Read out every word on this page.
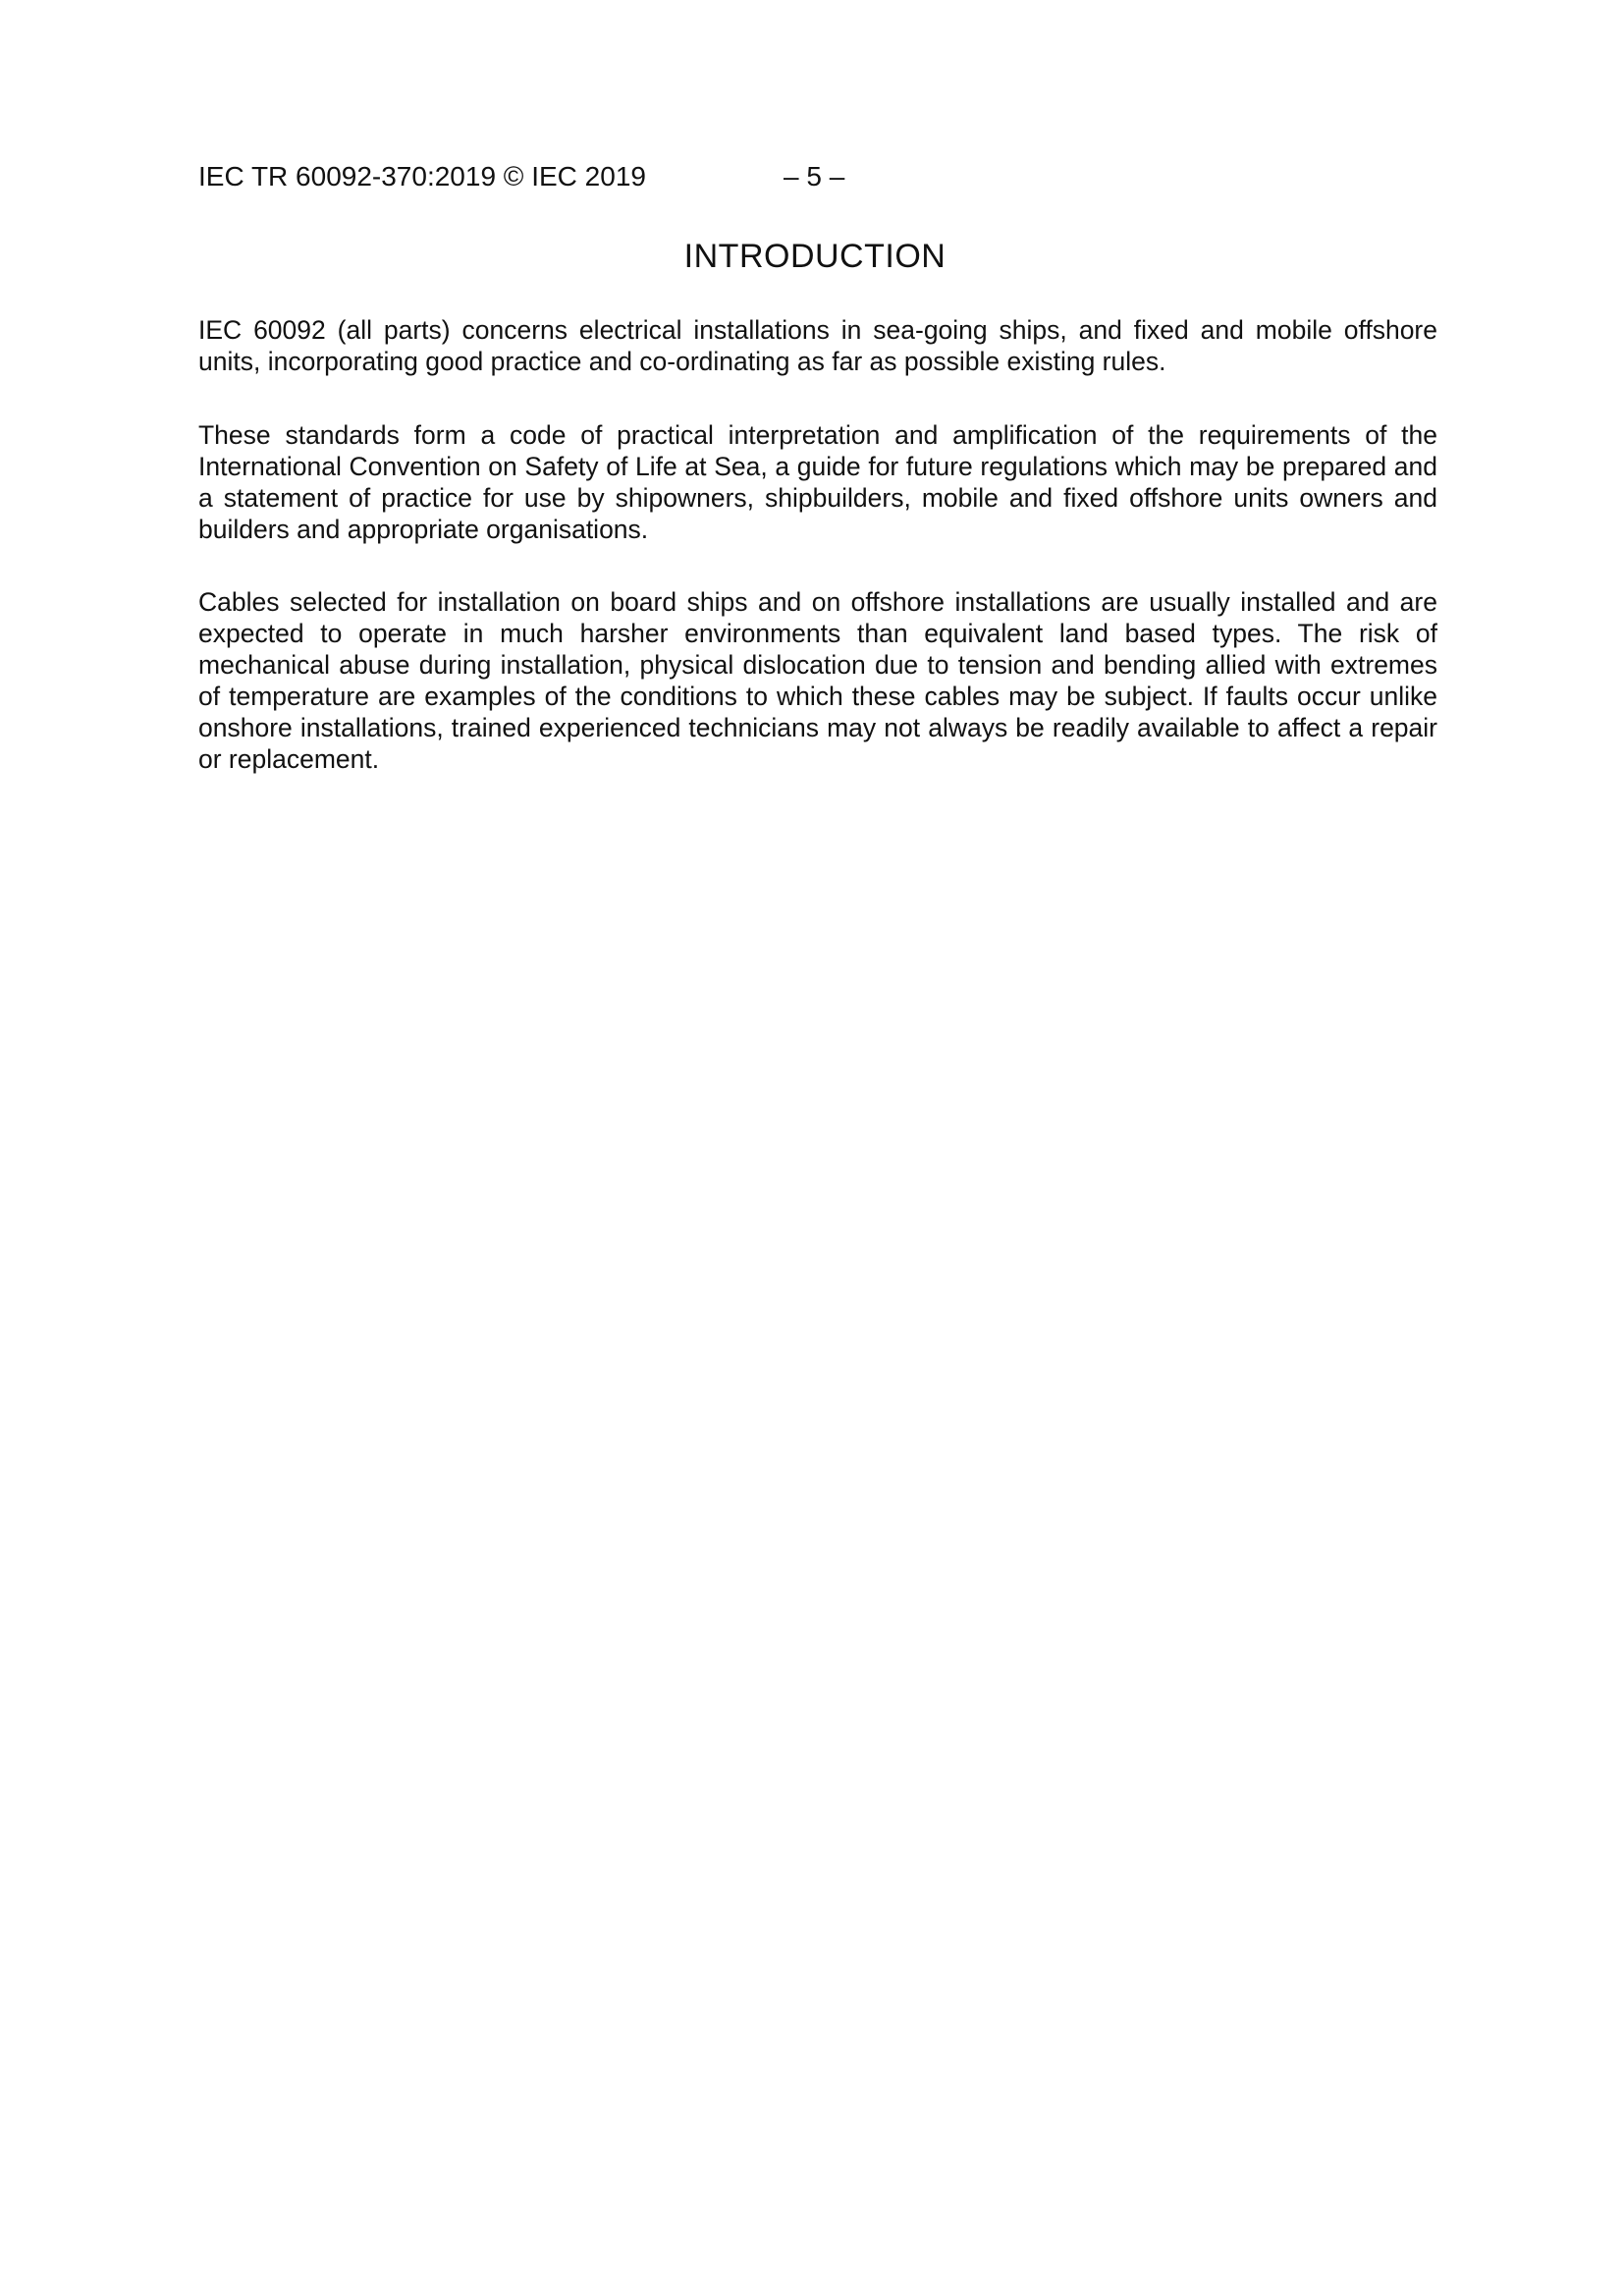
IEC TR 60092-370:2019 © IEC 2019	– 5 –
INTRODUCTION

IEC 60092 (all parts) concerns electrical installations in sea-going ships, and fixed and mobile offshore units, incorporating good practice and co-ordinating as far as possible existing rules.

These standards form a code of practical interpretation and amplification of the requirements of the International Convention on Safety of Life at Sea, a guide for future regulations which may be prepared and a statement of practice for use by shipowners, shipbuilders, mobile and fixed offshore units owners and builders and appropriate organisations.

Cables selected for installation on board ships and on offshore installations are usually installed and are expected to operate in much harsher environments than equivalent land based types. The risk of mechanical abuse during installation, physical dislocation due to tension and bending allied with extremes of temperature are examples of the conditions to which these cables may be subject. If faults occur unlike onshore installations, trained experienced technicians may not always be readily available to affect a repair or replacement.
